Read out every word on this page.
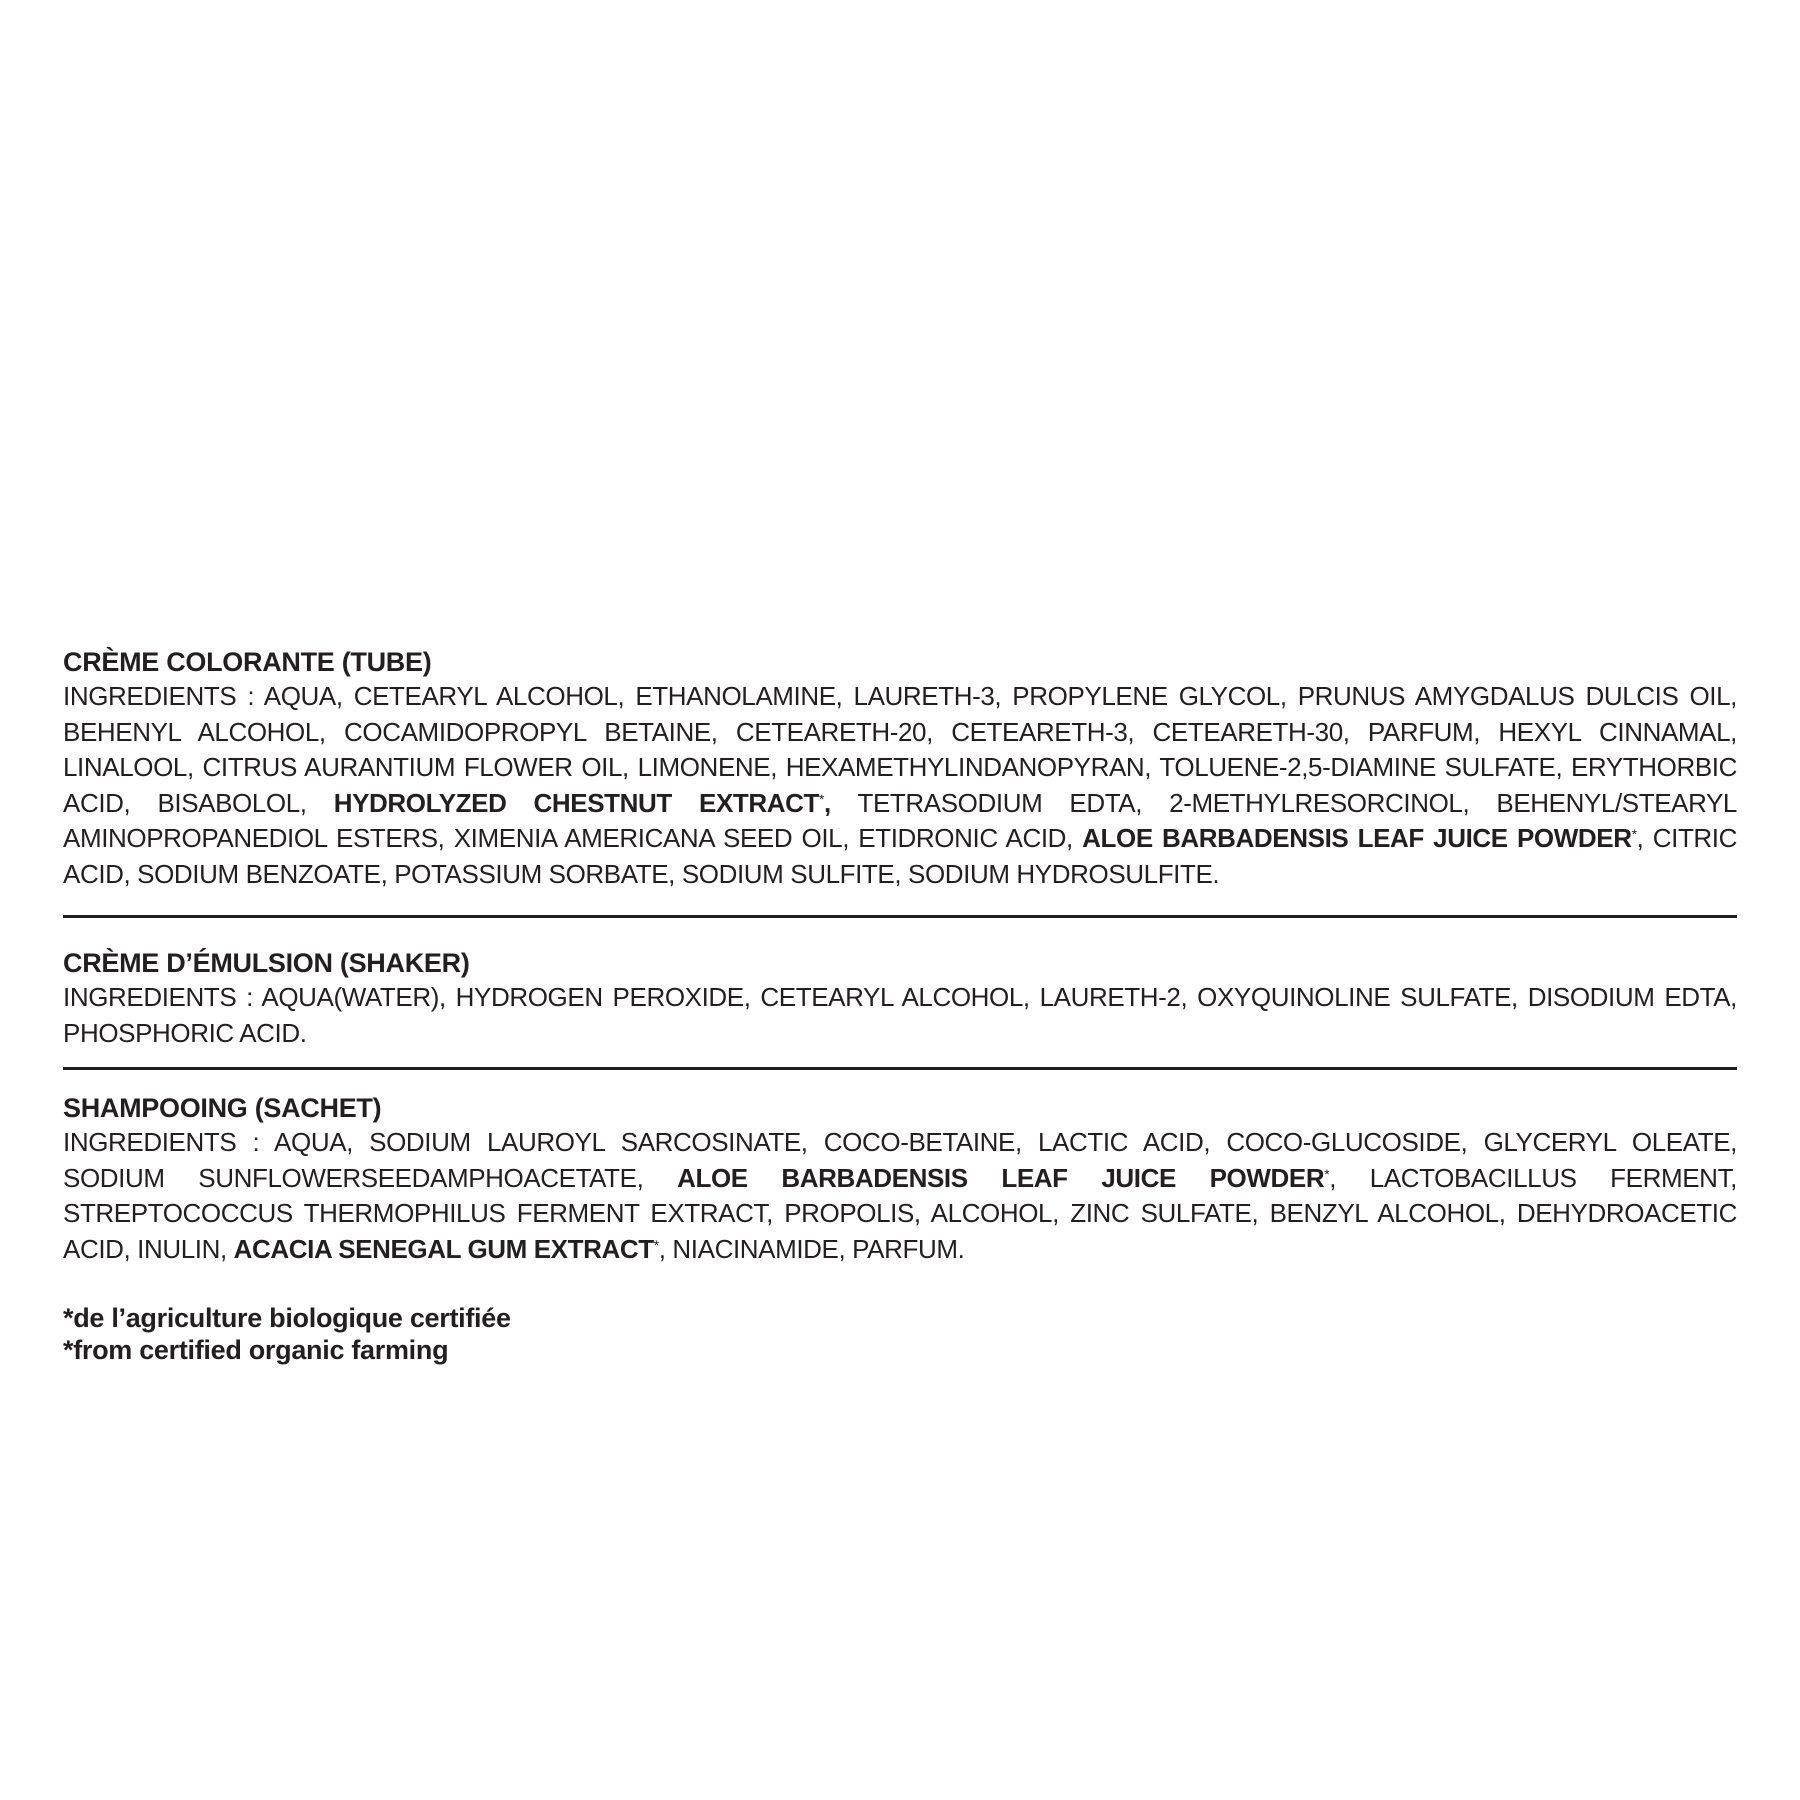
CRÈME COLORANTE (TUBE)

INGREDIENTS : AQUA, CETEARYL ALCOHOL, ETHANOLAMINE, LAURETH-3, PROPYLENE GLYCOL, PRUNUS AMYGDALUS DULCIS OIL, BEHENYL ALCOHOL, COCAMIDOPROPYL BETAINE, CETEARETH-20, CETEARETH-3, CETEARETH-30, PARFUM, HEXYL CINNAMAL, LINALOOL, CITRUS AURANTIUM FLOWER OIL, LIMONENE, HEXAMETHYLINDANOPYRAN, TOLUENE-2,5-DIAMINE SULFATE, ERYTHORBIC ACID, BISABOLOL, HYDROLYZED CHESTNUT EXTRACT*, TETRASODIUM EDTA, 2-METHYLRESORCINOL, BEHENYL/STEARYL AMINOPROPANEDIOL ESTERS, XIMENIA AMERICANA SEED OIL, ETIDRONIC ACID, ALOE BARBADENSIS LEAF JUICE POWDER*, CITRIC ACID, SODIUM BENZOATE, POTASSIUM SORBATE, SODIUM SULFITE, SODIUM HYDROSULFITE.

CRÈME D’ÉMULSION (SHAKER)

INGREDIENTS : AQUA(WATER), HYDROGEN PEROXIDE, CETEARYL ALCOHOL, LAURETH-2, OXYQUINOLINE SULFATE, DISODIUM EDTA, PHOSPHORIC ACID.

SHAMPOOING (SACHET)

INGREDIENTS : AQUA, SODIUM LAUROYL SARCOSINATE, COCO-BETAINE, LACTIC ACID, COCO-GLUCOSIDE, GLYCERYL OLEATE, SODIUM SUNFLOWERSEEDAMPHOACETATE, ALOE BARBADENSIS LEAF JUICE POWDER*, LACTOBACILLUS FERMENT, STREPTOCOCCUS THERMOPHILUS FERMENT EXTRACT, PROPOLIS, ALCOHOL, ZINC SULFATE, BENZYL ALCOHOL, DEHYDROACETIC ACID, INULIN, ACACIA SENEGAL GUM EXTRACT*, NIACINAMIDE, PARFUM.

*de l’agriculture biologique certifiée

*from certified organic farming
